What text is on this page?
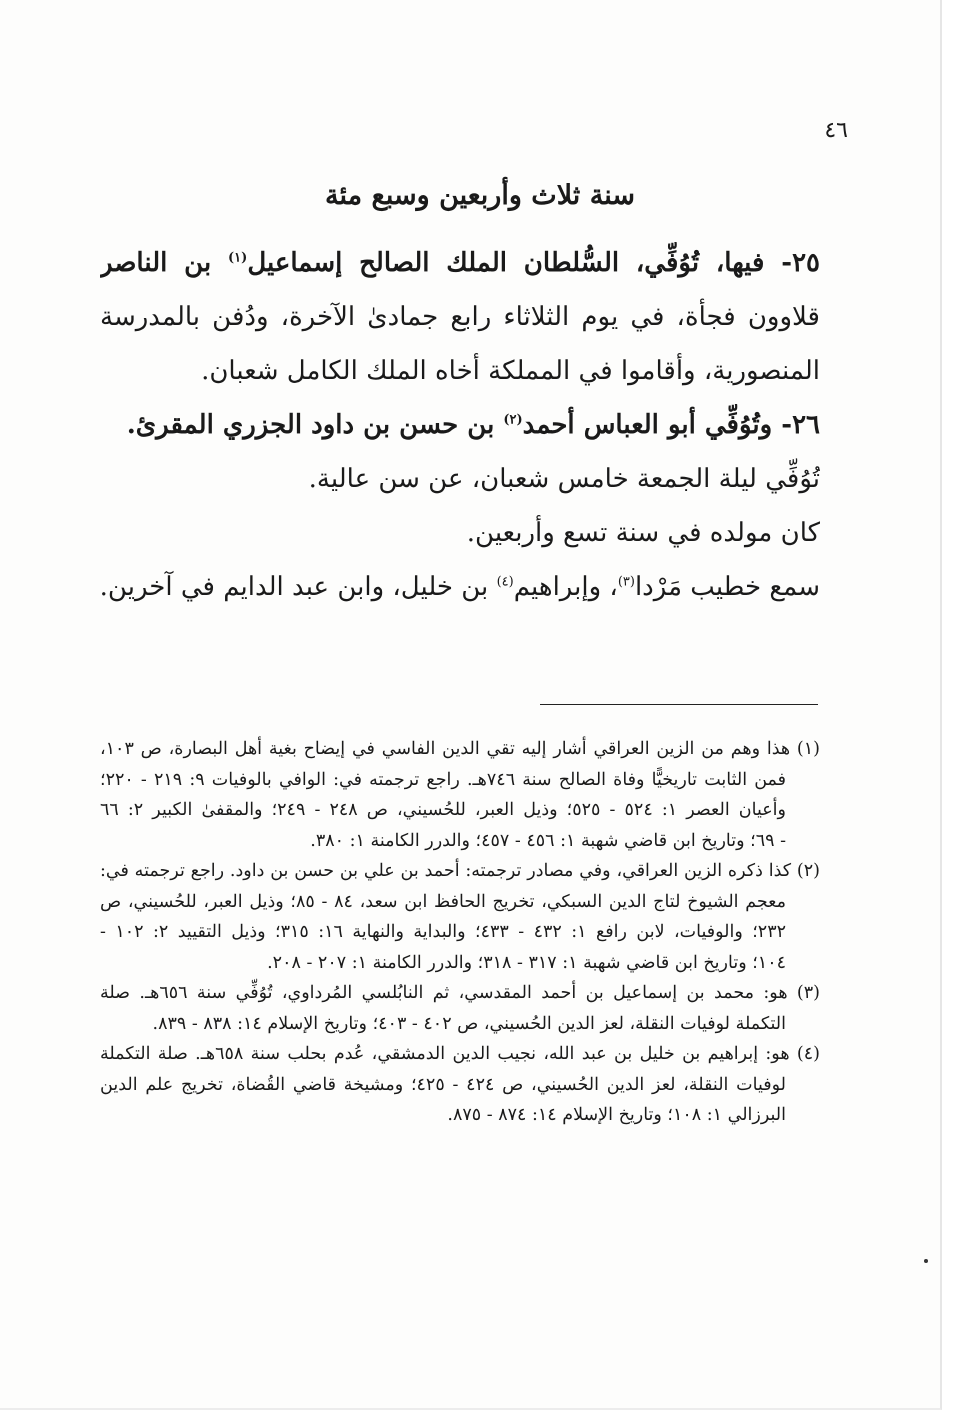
٤٦
سنة ثلاث وأربعين وسبع مئة
٢٥- فيها، تُوُفِّي، السُّلطان الملك الصالح إسماعيل$^{(١)}$ بن الناصر
قلاوون فجأة، في يوم الثلاثاء رابع جمادىٰ الآخرة، ودُفن بالمدرسة
المنصورية، وأقاموا في المملكة أخاه الملك الكامل شعبان.
٢٦- وتُوُفِّي أبو العباس أحمد$^{(٢)}$ بن حسن بن داود الجزري المقرئ.
تُوُفِّي ليلة الجمعة خامس شعبان، عن سن عالية.
كان مولده في سنة تسع وأربعين.
سمع خطيب مَرْدا$^{(٣)}$، وإبراهيم$^{(٤)}$ بن خليل، وابن عبد الدايم في آخرين.
(١) هذا وهم من الزين العراقي أشار إليه تقي الدين الفاسي في إيضاح بغية أهل البصارة، ص ١٠٣،
فمن الثابت تاريخيًّا وفاة الصالح سنة ٧٤٦هـ. راجع ترجمته في: الوافي بالوفيات ٩: ٢١٩ - ٢٢٠؛
وأعيان العصر ١: ٥٢٤ - ٥٢٥؛ وذيل العبر، للحُسيني، ص ٢٤٨ - ٢٤٩؛ والمقفىٰ الكبير ٢: ٦٦
- ٦٩؛ وتاريخ ابن قاضي شهبة ١: ٤٥٦ - ٤٥٧؛ والدرر الكامنة ١: ٣٨٠.
(٢) كذا ذكره الزين العراقي، وفي مصادر ترجمته: أحمد بن علي بن حسن بن داود. راجع ترجمته في:
معجم الشيوخ لتاج الدين السبكي، تخريج الحافظ ابن سعد، ٨٤ - ٨٥؛ وذيل العبر، للحُسيني، ص
٢٣٢؛ والوفيات، لابن رافع ١: ٤٣٢ - ٤٣٣؛ والبداية والنهاية ١٦: ٣١٥؛ وذيل التقييد ٢: ١٠٢ -
١٠٤؛ وتاريخ ابن قاضي شهبة ١: ٣١٧ - ٣١٨؛ والدرر الكامنة ١: ٢٠٧ - ٢٠٨.
(٣) هو: محمد بن إسماعيل بن أحمد المقدسي، ثم النابُلسي المُرداوي، تُوُفِّي سنة ٦٥٦هـ. صلة
التكملة لوفيات النقلة، لعز الدين الحُسيني، ص ٤٠٢ - ٤٠٣؛ وتاريخ الإسلام ١٤: ٨٣٨ - ٨٣٩.
(٤) هو: إبراهيم بن خليل بن عبد الله، نجيب الدين الدمشقي، عُدم بحلب سنة ٦٥٨هـ. صلة التكملة
لوفيات النقلة، لعز الدين الحُسيني، ص ٤٢٤ - ٤٢٥؛ ومشيخة قاضي القُضاة، تخريج علم الدين
البرزالي ١: ١٠٨؛ وتاريخ الإسلام ١٤: ٨٧٤ - ٨٧٥.
